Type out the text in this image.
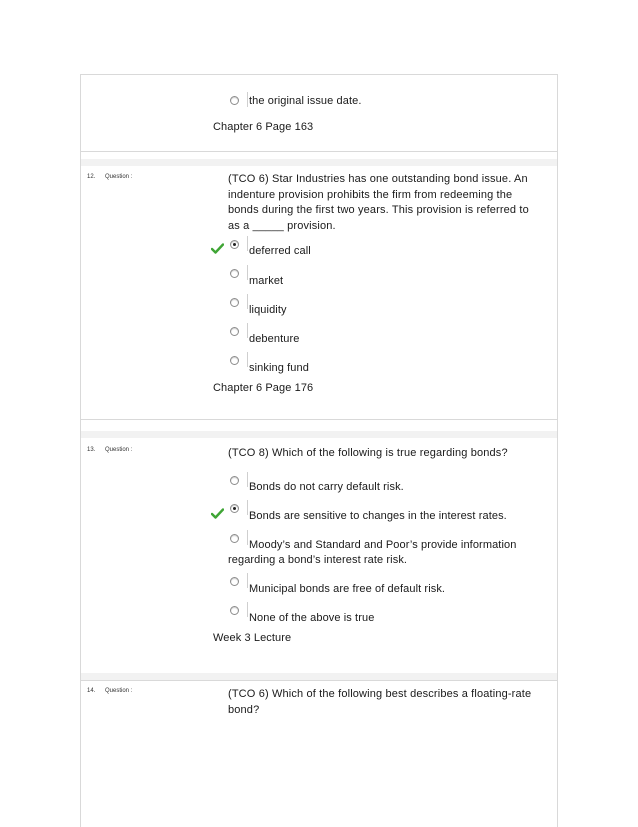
the original issue date.
Chapter 6 Page 163
12. Question :	(TCO 6) Star Industries has one outstanding bond issue. An
indenture provision prohibits the firm from redeeming the
bonds during the first two years. This provision is referred to
as a _____ provision.
deferred call
market
liquidity
debenture
sinking fund
Chapter 6 Page 176
13. Question :	(TCO 8) Which of the following is true regarding bonds?
Bonds do not carry default risk.
Bonds are sensitive to changes in the interest rates.
Moody’s and Standard and Poor’s provide information
regarding a bond’s interest rate risk.
Municipal bonds are free of default risk.
None of the above is true
Week 3 Lecture
14. Question :	(TCO 6) Which of the following best describes a floating-rate
bond?
